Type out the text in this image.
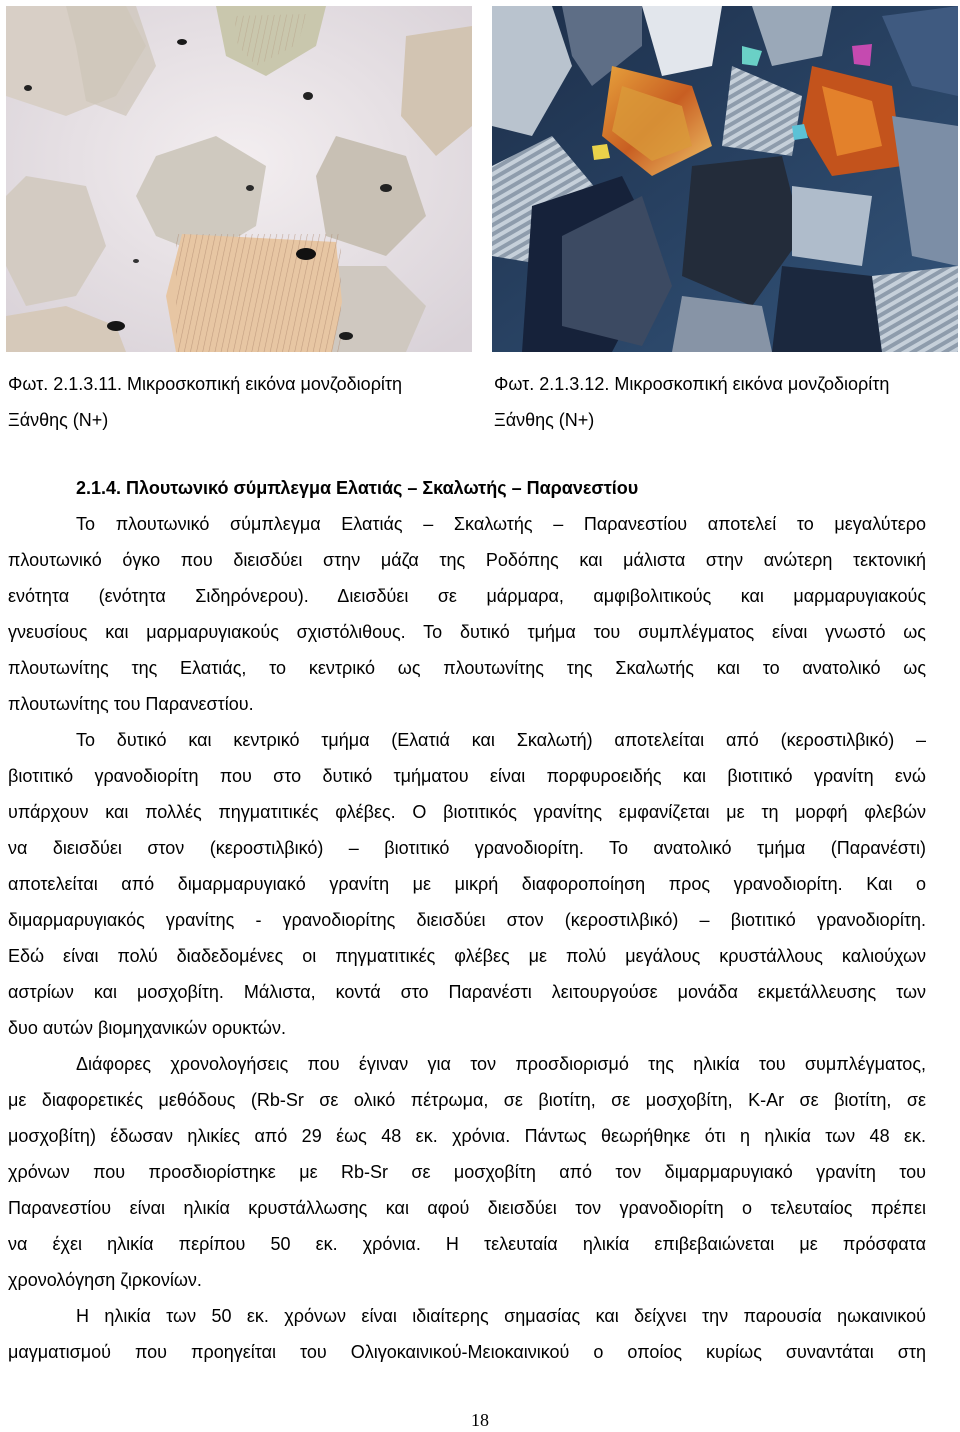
Φωτ. 2.1.3.11. Μικροσκοπική εικόνα μονζοδιορίτη
Ξάνθης (Ν+)
Φωτ. 2.1.3.12. Μικροσκοπική εικόνα μονζοδιορίτη
Ξάνθης (Ν+)
2.1.4. Πλουτωνικό σύμπλεγμα Ελατιάς – Σκαλωτής – Παρανεστίου
Το πλουτωνικό σύμπλεγμα Ελατιάς – Σκαλωτής – Παρανεστίου αποτελεί το μεγαλύτερο
πλουτωνικό όγκο που διεισδύει στην μάζα της Ροδόπης και μάλιστα στην ανώτερη τεκτονική
ενότητα (ενότητα Σιδηρόνερου). Διεισδύει σε μάρμαρα, αμφιβολιτικούς και μαρμαρυγιακούς
γνευσίους και μαρμαρυγιακούς σχιστόλιθους. Το δυτικό τμήμα του συμπλέγματος είναι γνωστό ως
πλουτωνίτης της Ελατιάς, το κεντρικό ως πλουτωνίτης της Σκαλωτής και το ανατολικό ως
πλουτωνίτης του Παρανεστίου.
Το δυτικό και κεντρικό τμήμα (Ελατιά και Σκαλωτή) αποτελείται από (κεροστιλβικό) –
βιοτιτικό γρανοδιορίτη που στο δυτικό τμήματου είναι πορφυροειδής και βιοτιτικό γρανίτη ενώ
υπάρχουν και πολλές πηγματιτικές φλέβες. Ο βιοτιτικός γρανίτης εμφανίζεται με τη μορφή φλεβών
να διεισδύει στον (κεροστιλβικό) – βιοτιτικό γρανοδιορίτη. Το ανατολικό τμήμα (Παρανέστι)
αποτελείται από διμαρμαρυγιακό γρανίτη με μικρή διαφοροποίηση προς γρανοδιορίτη. Και ο
διμαρμαρυγιακός γρανίτης - γρανοδιορίτης διεισδύει στον (κεροστιλβικό) – βιοτιτικό γρανοδιορίτη.
Εδώ είναι πολύ διαδεδομένες οι πηγματιτικές φλέβες με πολύ μεγάλους κρυστάλλους καλιούχων
αστρίων και μοσχοβίτη. Μάλιστα, κοντά στο Παρανέστι λειτουργούσε μονάδα εκμετάλλευσης των
δυο αυτών βιομηχανικών ορυκτών.
Διάφορες χρονολογήσεις που έγιναν για τον προσδιορισμό της ηλικία του συμπλέγματος,
με διαφορετικές μεθόδους (Rb-Sr σε ολικό πέτρωμα, σε βιοτίτη, σε μοσχοβίτη, K-Ar σε βιοτίτη, σε
μοσχοβίτη) έδωσαν ηλικίες από 29 έως 48 εκ. χρόνια. Πάντως θεωρήθηκε ότι η ηλικία των 48 εκ.
χρόνων που προσδιορίστηκε με Rb-Sr σε μοσχοβίτη από τον διμαρμαρυγιακό γρανίτη του
Παρανεστίου είναι ηλικία κρυστάλλωσης και αφού διεισδύει τον γρανοδιορίτη ο τελευταίος πρέπει
να έχει ηλικία περίπου 50 εκ. χρόνια. Η τελευταία ηλικία επιβεβαιώνεται με πρόσφατα
χρονολόγηση ζιρκονίων.
Η ηλικία των 50 εκ. χρόνων είναι ιδιαίτερης σημασίας και δείχνει την παρουσία ηωκαινικού
μαγματισμού που προηγείται του Ολιγοκαινικού-Μειοκαινικού ο οποίος κυρίως συναντάται στη
18
